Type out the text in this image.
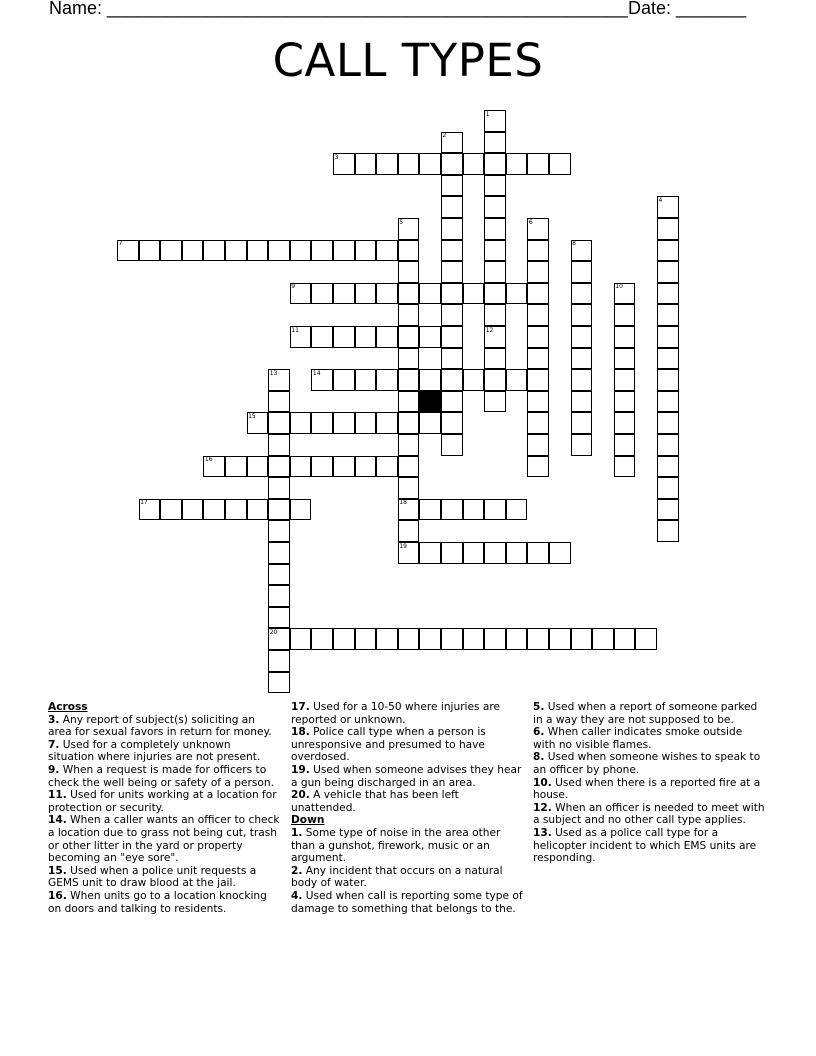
Name: ____________________________________________________ Date: _______
CALL TYPES
1
2
3
4
5	6
7	8
9	10
11	12
13	14
15
16
17	18
19
20
Across

3. Any report of subject(s) soliciting an area for sexual favors in return for money.

7. Used for a completely unknown situation where injuries are not present.

9. When a request is made for officers to check the well being or safety of a person.

11. Used for units working at a location for protection or security.

14. When a caller wants an officer to check a location due to grass not being cut, trash or other litter in the yard or property becoming an "eye sore".

15. Used when a police unit requests a GEMS unit to draw blood at the jail.

16. When units go to a location knocking on doors and talking to residents.

17. Used for a 10-50 where injuries are reported or unknown.

18. Police call type when a person is unresponsive and presumed to have overdosed.

19. Used when someone advises they hear a gun being discharged in an area.

20. A vehicle that has been left unattended.

Down

1. Some type of noise in the area other than a gunshot, firework, music or an argument.

2. Any incident that occurs on a natural body of water.

4. Used when call is reporting some type of damage to something that belongs to the.

5. Used when a report of someone parked in a way they are not supposed to be.

6. When caller indicates smoke outside with no visible flames.

8. Used when someone wishes to speak to an officer by phone.

10. Used when there is a reported fire at a house.

12. When an officer is needed to meet with a subject and no other call type applies.

13. Used as a police call type for a helicopter incident to which EMS units are responding.
